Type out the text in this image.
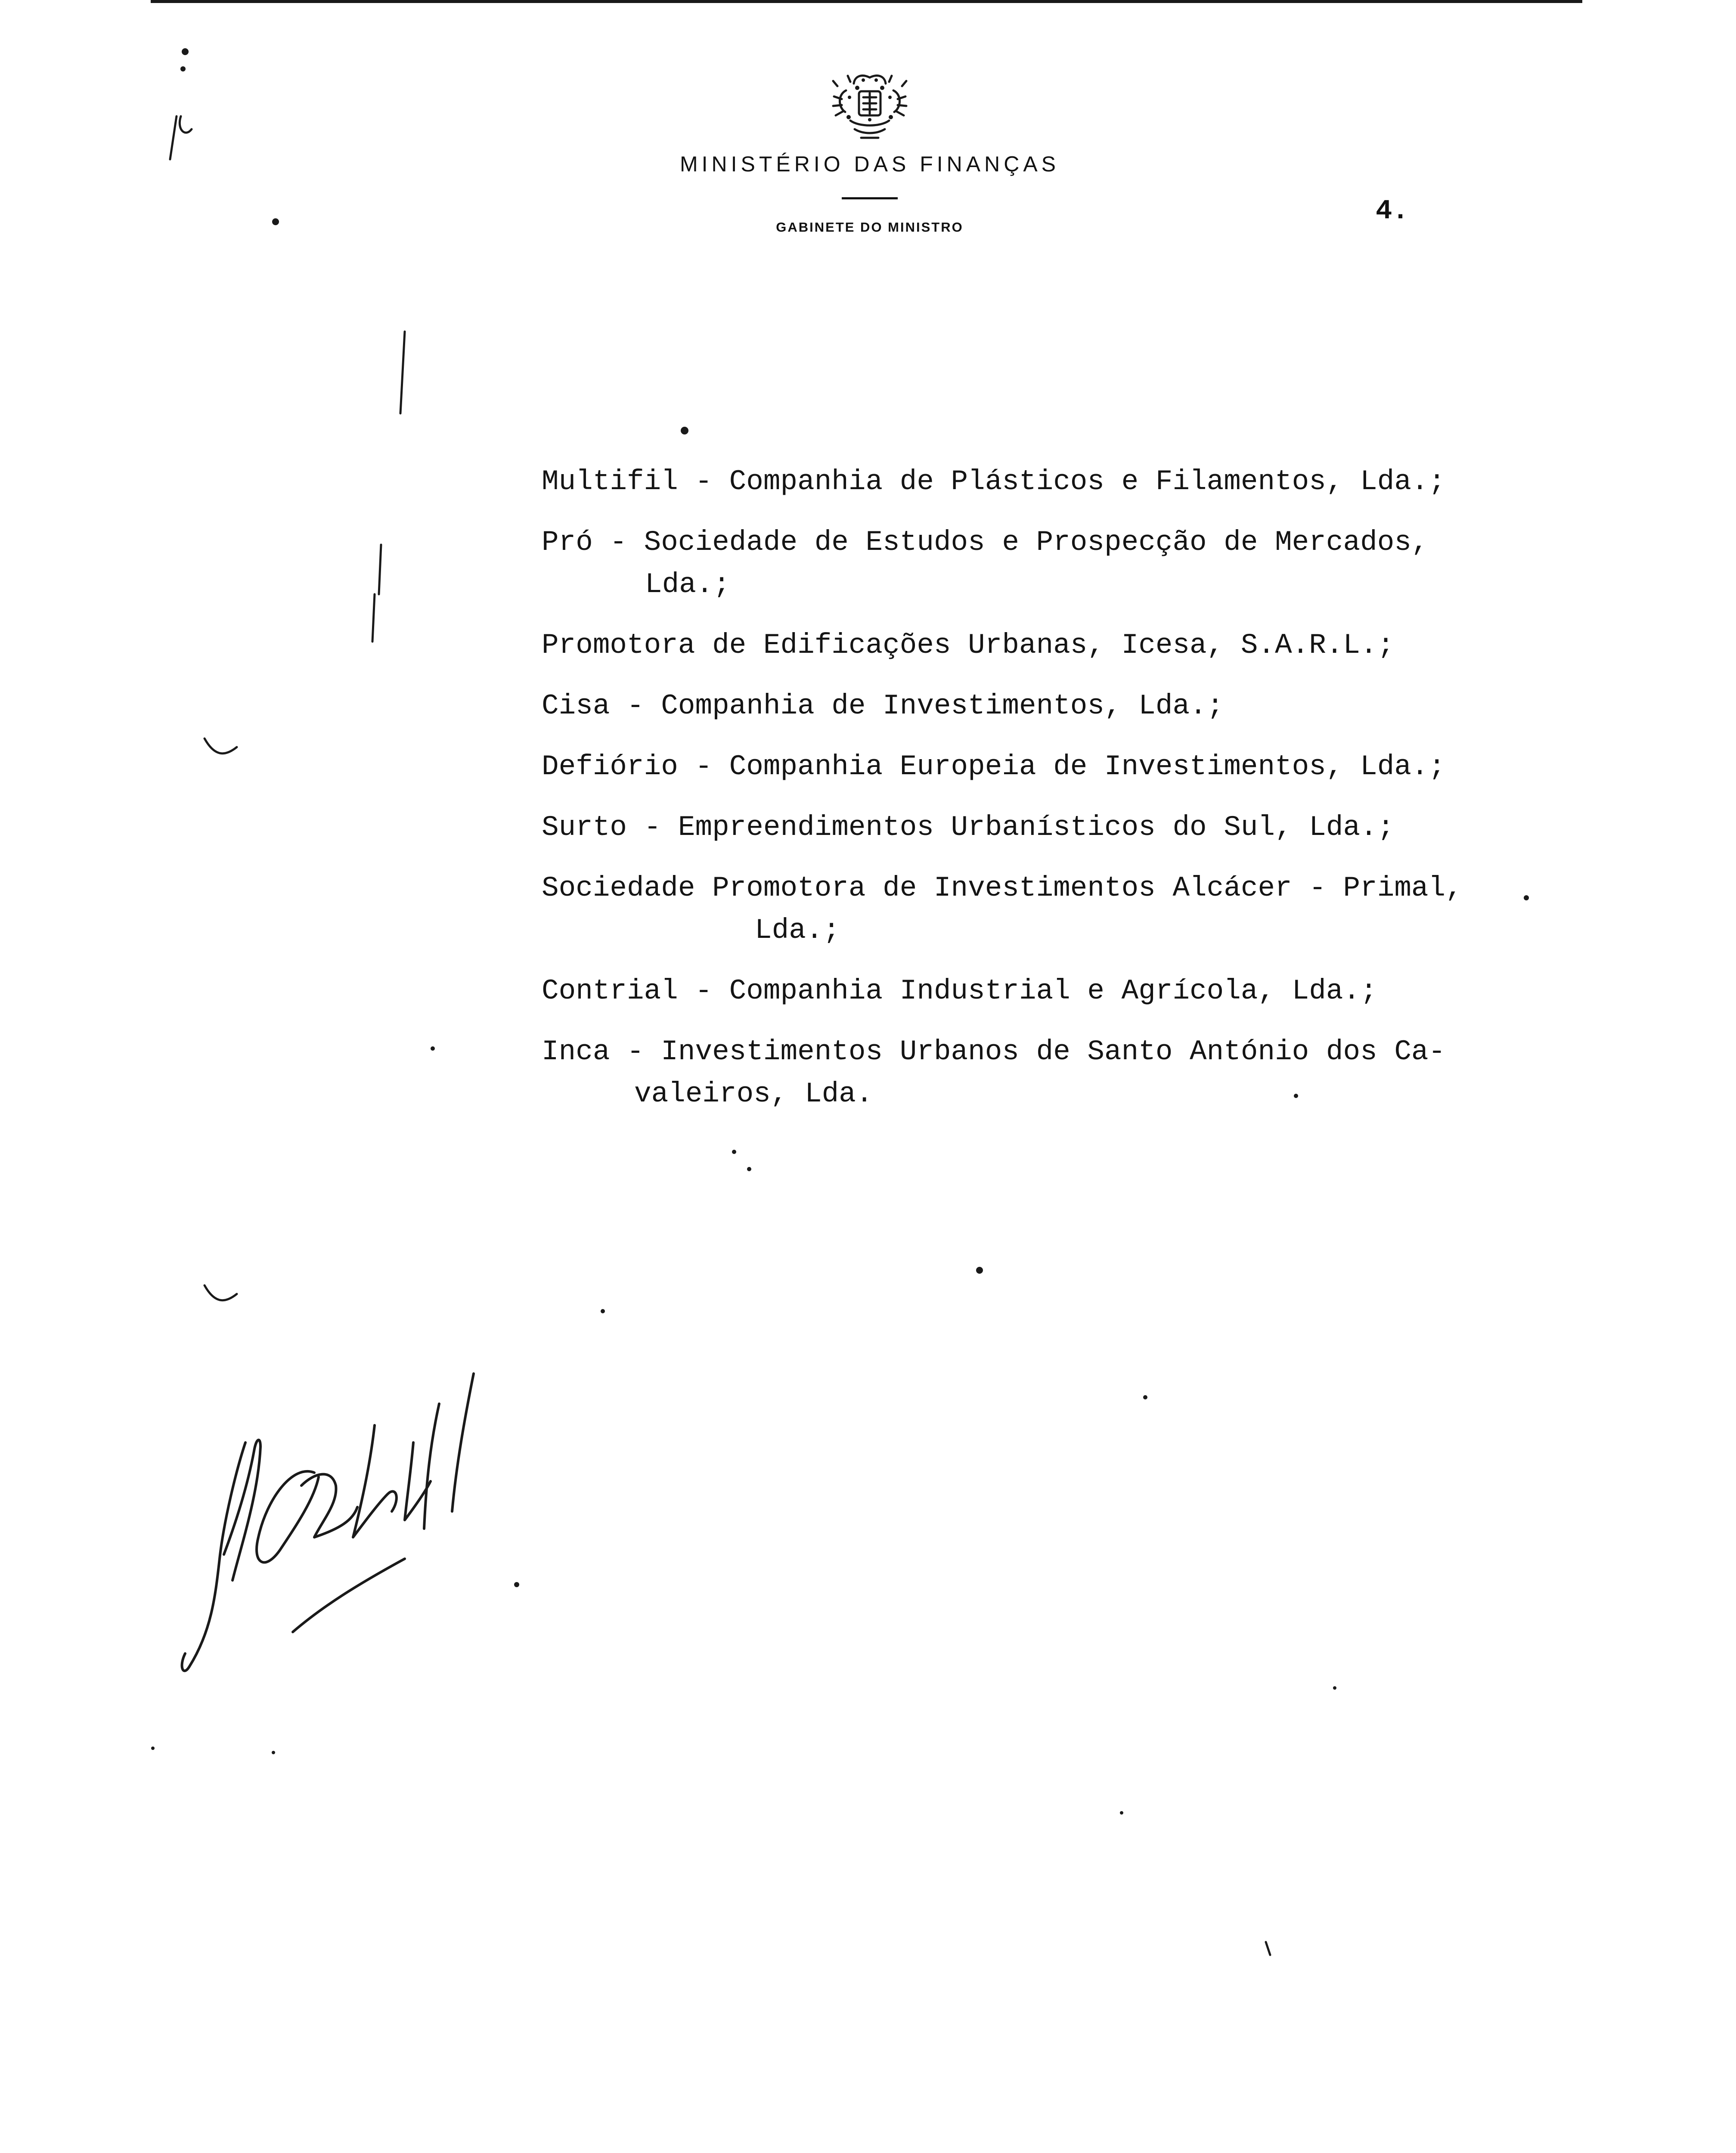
MINISTÉRIO DAS FINANÇAS
GABINETE DO MINISTRO
4.
Multifil - Companhia de Plásticos e Filamentos, Lda.;
Pró - Sociedade de Estudos e Prospecção de Mercados,
Lda.;
Promotora de Edificações Urbanas, Icesa, S.A.R.L.;
Cisa - Companhia de Investimentos, Lda.;
Defiório - Companhia Europeia de Investimentos, Lda.;
Surto - Empreendimentos Urbanísticos do Sul, Lda.;
Sociedade Promotora de Investimentos Alcácer - Primal,
Lda.;
Contrial - Companhia Industrial e Agrícola, Lda.;
Inca - Investimentos Urbanos de Santo António dos Ca-
valeiros, Lda.
